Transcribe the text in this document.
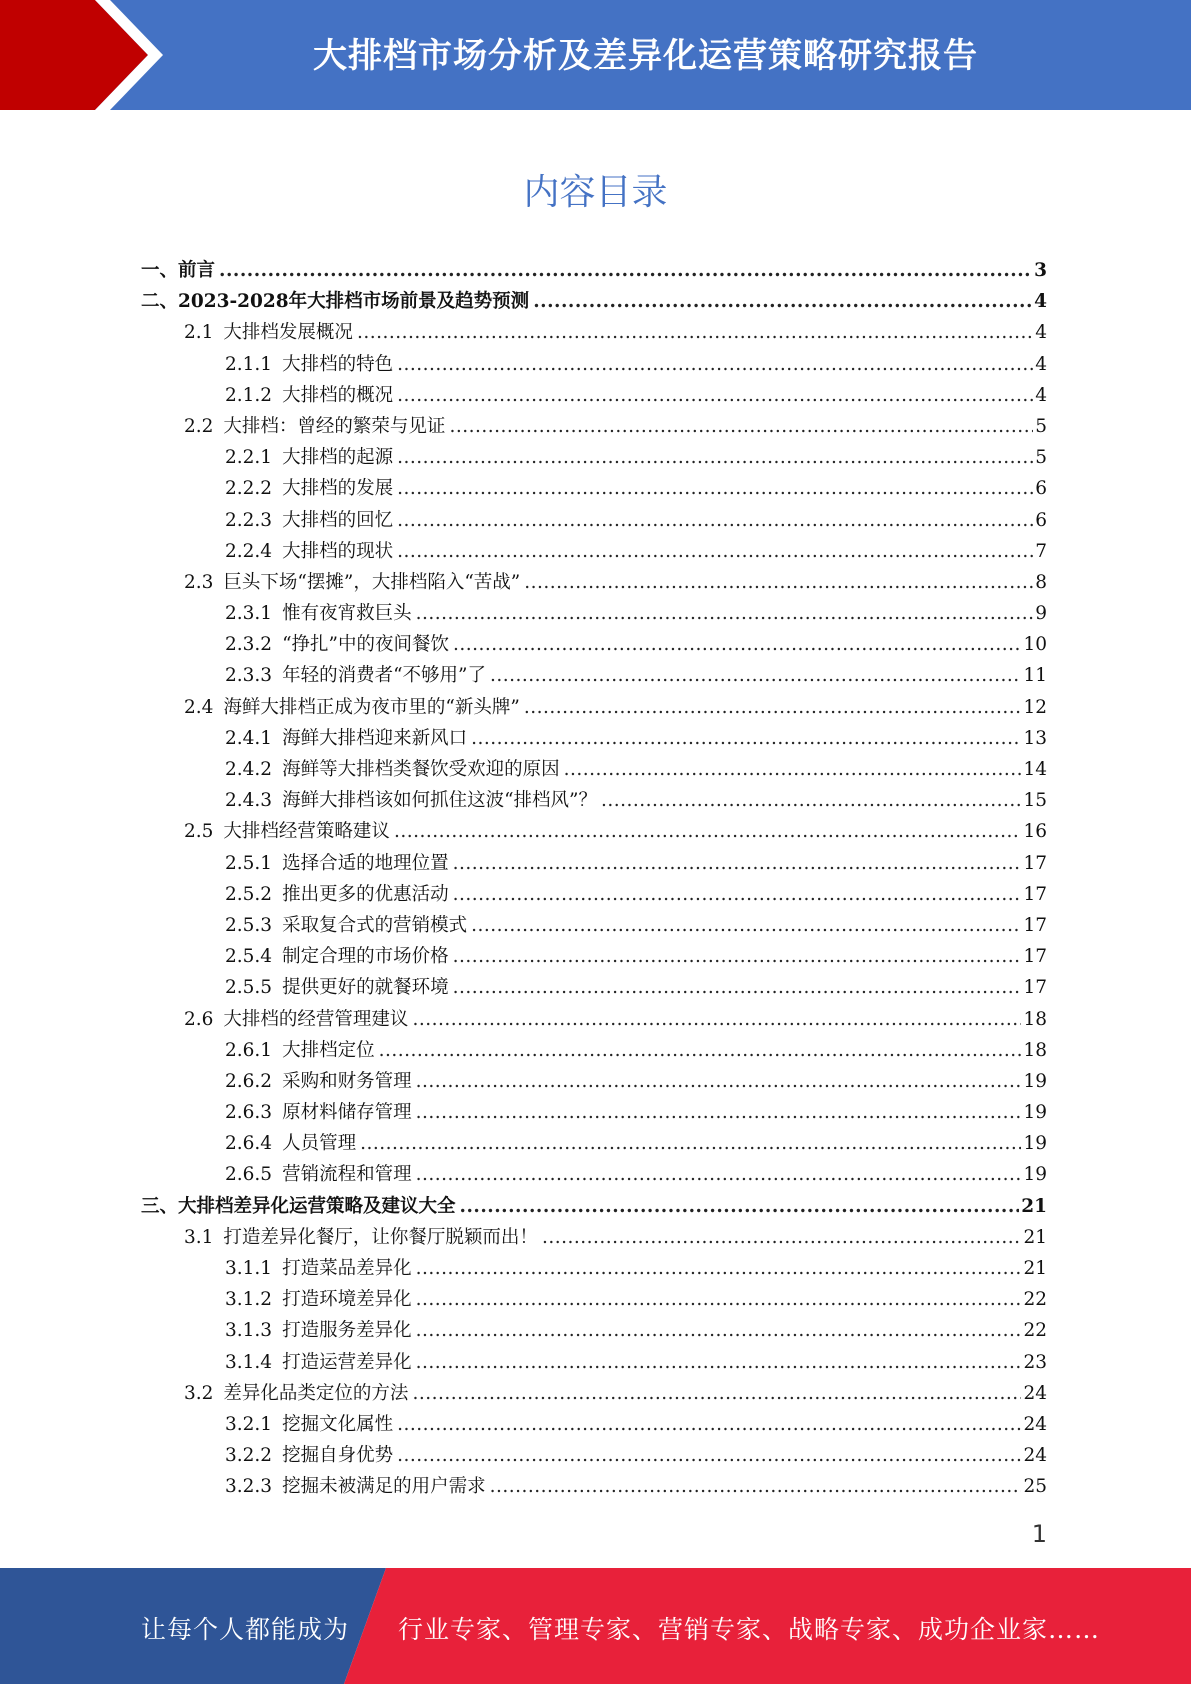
大排档市场分析及差异化运营策略研究报告
内容目录
一、 前言 .....	3
二、 2023-2028年大排档市场前景及趋势预测 .....	4
2.1 大排档发展概况 .....	4
2.1.1 大排档的特色 .....	4
2.1.2 大排档的概况 .....	4
2.2 大排档：曾经的繁荣与见证 .....	5
2.2.1 大排档的起源 .....	5
2.2.2 大排档的发展 .....	6
2.2.3 大排档的回忆 .....	6
2.2.4 大排档的现状 .....	7
2.3 巨头下场“摆摊”，大排档陷入“苦战” .....	8
2.3.1 惟有夜宵救巨头 .....	9
2.3.2 “挣扎”中的夜间餐饮 .....	10
2.3.3 年轻的消费者“不够用”了 .....	11
2.4 海鲜大排档正成为夜市里的“新头牌” .....	12
2.4.1 海鲜大排档迎来新风口 .....	13
2.4.2 海鲜等大排档类餐饮受欢迎的原因 .....	14
2.4.3 海鲜大排档该如何抓住这波“排档风”？ .....	15
2.5 大排档经营策略建议 .....	16
2.5.1 选择合适的地理位置 .....	17
2.5.2 推出更多的优惠活动 .....	17
2.5.3 采取复合式的营销模式 .....	17
2.5.4 制定合理的市场价格 .....	17
2.5.5 提供更好的就餐环境 .....	17
2.6 大排档的经营管理建议 .....	18
2.6.1 大排档定位 .....	18
2.6.2 采购和财务管理 .....	19
2.6.3 原材料储存管理 .....	19
2.6.4 人员管理 .....	19
2.6.5 营销流程和管理 .....	19
三、 大排档差异化运营策略及建议大全 .....	21
3.1 打造差异化餐厅，让你餐厅脱颖而出！ .....	21
3.1.1 打造菜品差异化 .....	21
3.1.2 打造环境差异化 .....	22
3.1.3 打造服务差异化 .....	22
3.1.4 打造运营差异化 .....	23
3.2 差异化品类定位的方法 .....	24
3.2.1 挖掘文化属性 .....	24
3.2.2 挖掘自身优势 .....	24
3.2.3 挖掘未被满足的用户需求 .....	25
1
让每个人都能成为 行业专家、管理专家、营销专家、战略专家、成功企业家……
